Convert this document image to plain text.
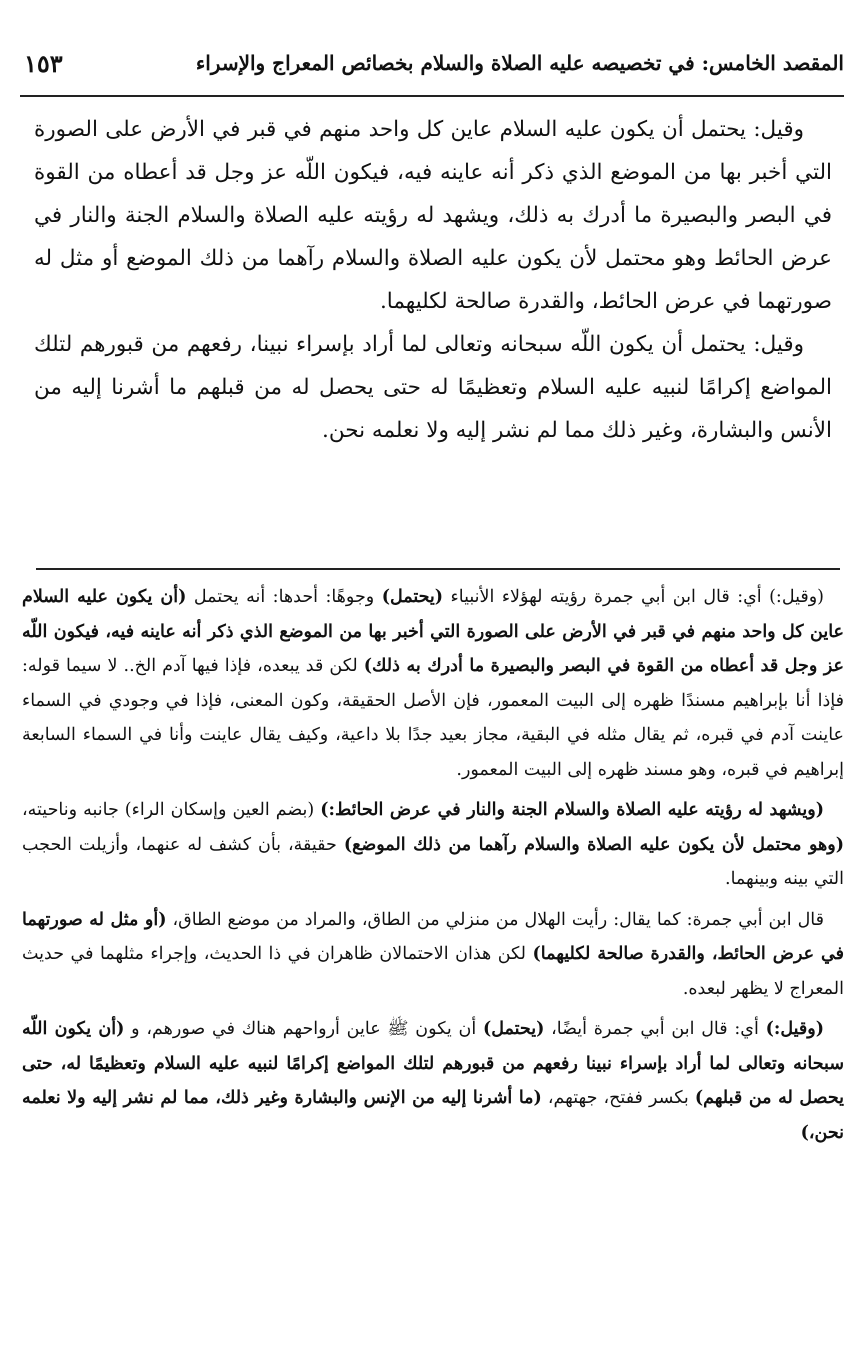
المقصد الخامس: في تخصيصه عليه الصلاة والسلام بخصائص المعراج والإسراء
١٥٣

وقيل: يحتمل أن يكون عليه السلام عاين كل واحد منهم في قبر في الأرض على الصورة التي أخبر بها من الموضع الذي ذكر أنه عاينه فيه، فيكون اللّه عز وجل قد أعطاه من القوة في البصر والبصيرة ما أدرك به ذلك، ويشهد له رؤيته عليه الصلاة والسلام الجنة والنار في عرض الحائط وهو محتمل لأن يكون عليه الصلاة والسلام رآهما من ذلك الموضع أو مثل له صورتهما في عرض الحائط، والقدرة صالحة لكليهما.

وقيل: يحتمل أن يكون اللّه سبحانه وتعالى لما أراد بإسراء نبينا، رفعهم من قبورهم لتلك المواضع إكرامًا لنبيه عليه السلام وتعظيمًا له حتى يحصل له من قبلهم ما أشرنا إليه من الأنس والبشارة، وغير ذلك مما لم نشر إليه ولا نعلمه نحن.

(وقيل:) أي: قال ابن أبي جمرة رؤيته لهؤلاء الأنبياء (يحتمل) وجوهًا: أحدها: أنه يحتمل (أن يكون عليه السلام عاين كل واحد منهم في قبر في الأرض على الصورة التي أخبر بها من الموضع الذي ذكر أنه عاينه فيه، فيكون اللّه عز وجل قد أعطاه من القوة في البصر والبصيرة ما أدرك به ذلك) لكن قد يبعده، فإذا فيها آدم الخ.. لا سيما قوله: فإذا أنا بإبراهيم مسندًا ظهره إلى البيت المعمور، فإن الأصل الحقيقة، وكون المعنى، فإذا في وجودي في السماء عاينت آدم في قبره، ثم يقال مثله في البقية، مجاز بعيد جدًا بلا داعية، وكيف يقال عاينت وأنا في السماء السابعة إبراهيم في قبره، وهو مسند ظهره إلى البيت المعمور.

(ويشهد له رؤيته عليه الصلاة والسلام الجنة والنار في عرض الحائط:) (بضم العين وإسكان الراء) جانبه وناحيته، (وهو محتمل لأن يكون عليه الصلاة والسلام رآهما من ذلك الموضع) حقيقة، بأن كشف له عنهما، وأزيلت الحجب التي بينه وبينهما.

قال ابن أبي جمرة: كما يقال: رأيت الهلال من منزلي من الطاق، والمراد من موضع الطاق، (أو مثل له صورتهما في عرض الحائط، والقدرة صالحة لكليهما) لكن هذان الاحتمالان ظاهران في ذا الحديث، وإجراء مثلهما في حديث المعراج لا يظهر لبعده.

(وقيل:) أي: قال ابن أبي جمرة أيضًا، (يحتمل) أن يكون ﷺ عاين أرواحهم هناك في صورهم، و (أن يكون اللّه سبحانه وتعالى لما أراد بإسراء نبينا رفعهم من قبورهم لتلك المواضع إكرامًا لنبيه عليه السلام وتعظيمًا له، حتى يحصل له من قبلهم) بكسر ففتح، جهتهم، (ما أشرنا إليه من الإنس والبشارة وغير ذلك، مما لم نشر إليه ولا نعلمه نحن،)
